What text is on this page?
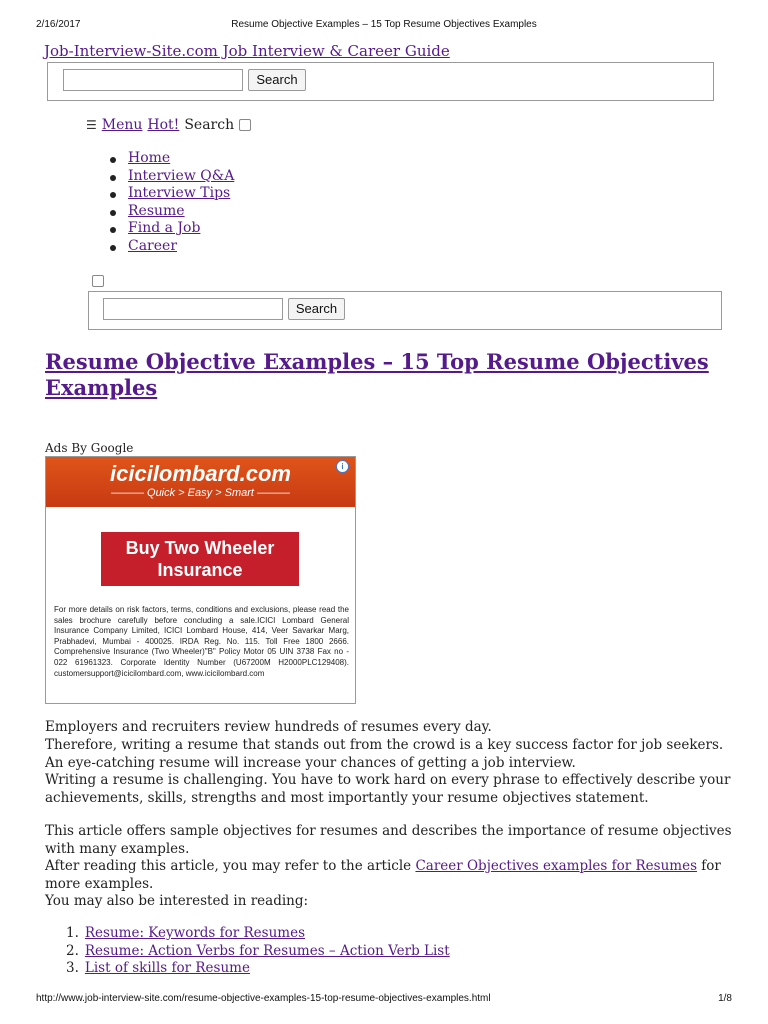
2/16/2017	Resume Objective Examples – 15 Top Resume Objectives Examples
Job-Interview-Site.com Job Interview & Career Guide
Search
☰ Menu Hot! Search
Home
Interview Q&A
Interview Tips
Resume
Find a Job
Career
Search
Resume Objective Examples – 15 Top Resume Objectives Examples
Ads By Google
icicilombard.com
——— Quick > Easy > Smart ———
i
Buy Two Wheeler
Insurance
For more details on risk factors, terms, conditions and exclusions, please read the sales brochure carefully before concluding a sale.ICICI Lombard General Insurance Company Limited, ICICI Lombard House, 414, Veer Savarkar Marg, Prabhadevi, Mumbai - 400025. IRDA Reg. No. 115. Toll Free 1800 2666. Comprehensive Insurance (Two Wheeler)"B" Policy Motor 05 UIN 3738 Fax no - 022 61961323. Corporate Identity Number (U67200M H2000PLC129408). customersupport@icicilombard.com, www.icicilombard.com
Employers and recruiters review hundreds of resumes every day.
Therefore, writing a resume that stands out from the crowd is a key success factor for job seekers. An eye-catching resume will increase your chances of getting a job interview.
Writing a resume is challenging. You have to work hard on every phrase to effectively describe your achievements, skills, strengths and most importantly your resume objectives statement.
This article offers sample objectives for resumes and describes the importance of resume objectives with many examples.
After reading this article, you may refer to the article Career Objectives examples for Resumes for more examples.
You may also be interested in reading:
1. Resume: Keywords for Resumes
2. Resume: Action Verbs for Resumes – Action Verb List
3. List of skills for Resume
http://www.job-interview-site.com/resume-objective-examples-15-top-resume-objectives-examples.html	1/8
